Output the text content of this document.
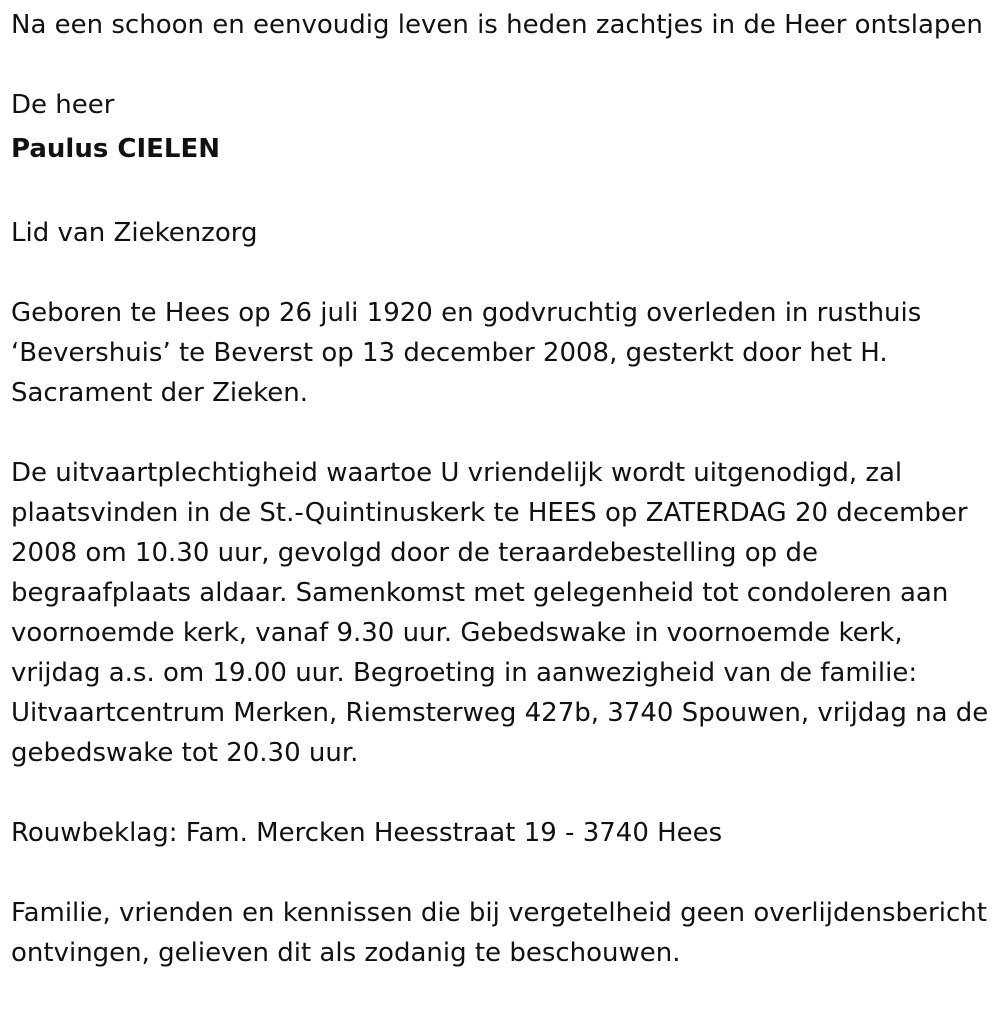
Na een schoon en eenvoudig leven is heden zachtjes in de Heer ontslapen

De heer

Paulus CIELEN

Lid van Ziekenzorg

Geboren te Hees op 26 juli 1920 en godvruchtig overleden in rusthuis ‘Bevershuis’ te Beverst op 13 december 2008, gesterkt door het H. Sacrament der Zieken.

De uitvaartplechtigheid waartoe U vriendelijk wordt uitgenodigd, zal plaatsvinden in de St.-Quintinuskerk te HEES op ZATERDAG 20 december 2008 om 10.30 uur, gevolgd door de teraardebestelling op de begraafplaats aldaar. Samenkomst met gelegenheid tot condoleren aan voornoemde kerk, vanaf 9.30 uur. Gebedswake in voornoemde kerk, vrijdag a.s. om 19.00 uur. Begroeting in aanwezigheid van de familie: Uitvaartcentrum Merken, Riemsterweg 427b, 3740 Spouwen, vrijdag na de gebedswake tot 20.30 uur.

Rouwbeklag: Fam. Mercken Heesstraat 19 - 3740 Hees

Familie, vrienden en kennissen die bij vergetelheid geen overlijdensbericht ontvingen, gelieven dit als zodanig te beschouwen.
